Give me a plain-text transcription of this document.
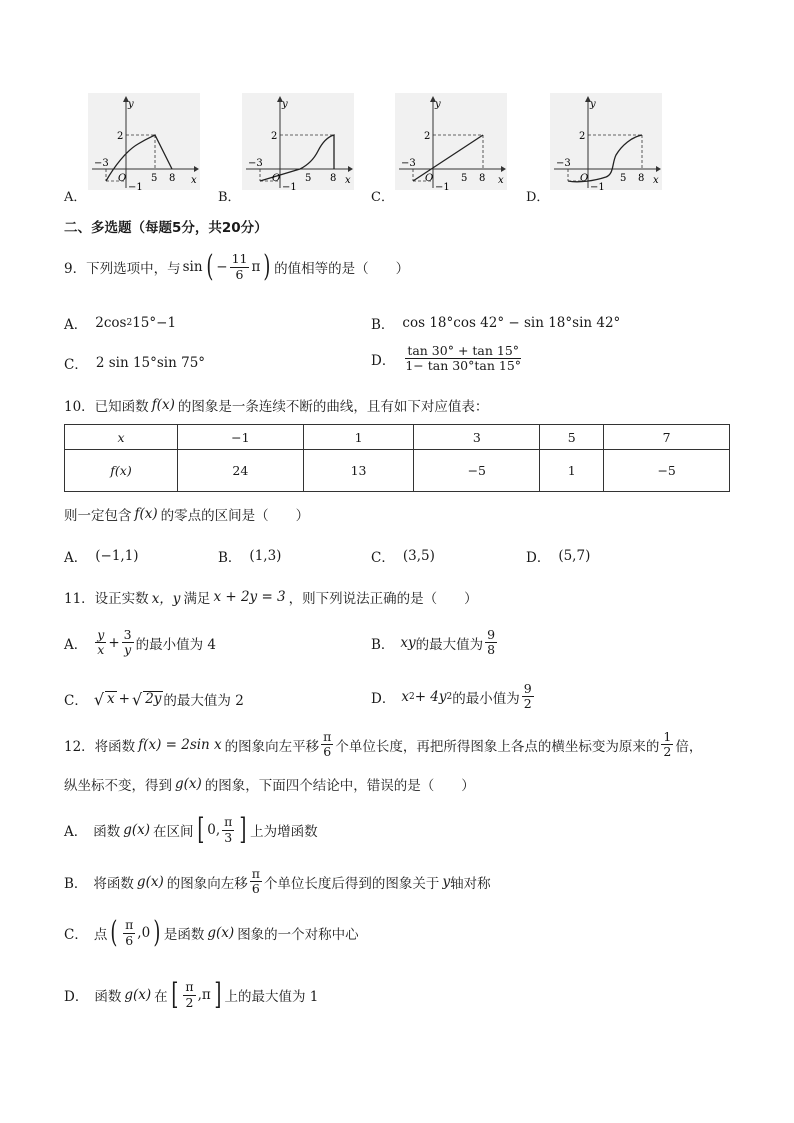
y
x
2
−3
O 5 8
−1
y
x
2
−3
O 5 8
−1
y
x
2
−3
O	5 8
−1
y
x
2
−3
O	5 8
−1
A．	B．	C．	D．
二、多选题（每题5分，共20分）
9．下列选项中，与 sin ( − $\frac{11}{6}$ π ) 的值相等的是（　　）
A． 2cos 2 15°−1	B． cos 18°cos 42° − sin 18°sin 42°
C． 2 sin 15°sin 75°	D． $\frac{\tan 30^\circ + \tan 15^\circ}{1- \tan 30^\circ\tan 15^\circ}$
10．已知函数 f(x) 的图象是一条连续不断的曲线，且有如下对应值表：
x	−1	1	3	5	7
f(x)	24	13	−5	1	−5
则一定包含 f(x) 的零点的区间是（　　）
A． (−1,1)	B． (1,3)	C． (3,5)	D． (5,7)
11．设正实数 x，y 满足 x + 2y = 3 ，则下列说法正确的是（　　）
A． $\frac{y}{x} + \frac{3}{y}$ 的最小值为 4	B． xy 的最大值为 $\frac{9}{8}$
C． √ x + √ 2y 的最大值为 2	D． x 2 + 4y 2 的最小值为 $\frac{9}{2}$
12．将函数 f(x) = 2sin x 的图象向左平移 $\frac{\pi}{6}$ 个单位长度，再把所得图象上各点的横坐标变为原来的 $\frac{1}{2}$ 倍，
纵坐标不变，得到 g(x) 的图象，下面四个结论中，错误的是（　　）
A． 函数 g(x) 在区间 [ 0, $\frac{\pi}{3}$ ] 上为增函数
B． 将函数 g(x) 的图象向左移 $\frac{\pi}{6}$ 个单位长度后得到的图象关于 y 轴对称
C． 点 ( $\frac{\pi}{6} ,0$ ) 是函数 g(x) 图象的一个对称中心
D． 函数 g(x) 在 [ $\frac{\pi}{2} ,\pi$ ] 上的最大值为 1
